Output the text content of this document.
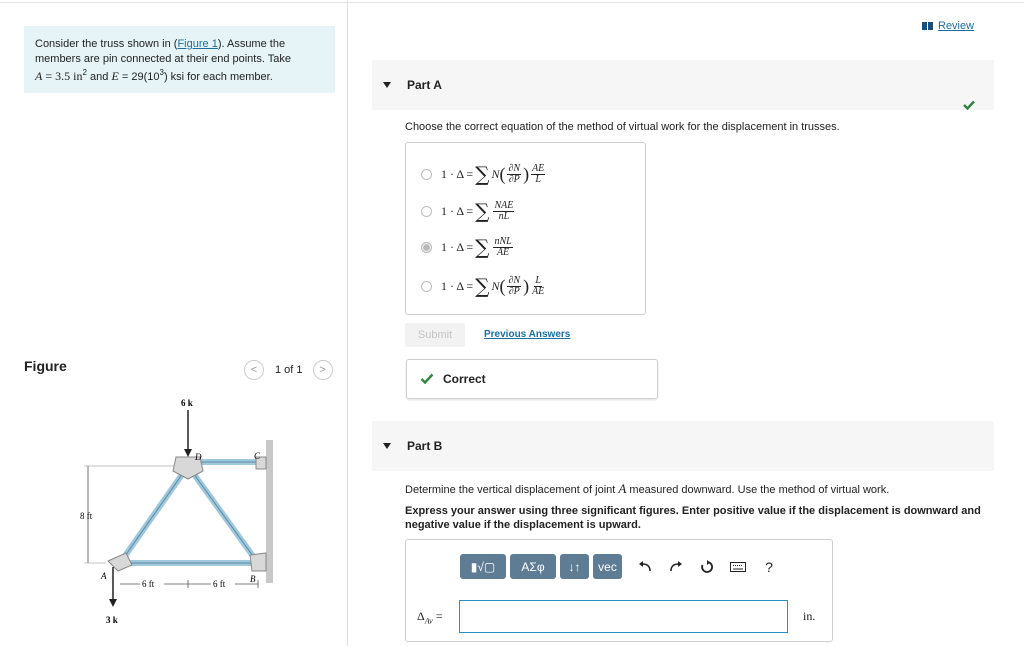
Consider the truss shown in (Figure 1). Assume the members are pin connected at their end points. Take
A = 3.5 $in^2$ and $E = 29(10^3)$ ksi for each member.
Figure	<	1 of 1	>
6 k
3 k
D	C
A	B
8 ft
6 ft	6 ft
Review
Part A
Choose the correct equation of the method of virtual work for the displacement in trusses.
1 · Δ = ∑ N ( $\frac{\partial N}{\partial P}$ ) $\frac{AE}{L}$
1 · Δ = ∑ $\frac{\text{NAE}}{nL}$
1 · Δ = ∑ $\frac{\text{nNL}}{AE}$
1 · Δ = ∑ N ( $\frac{\partial N}{\partial P}$ ) $\frac{L}{AE}$
Submit	Previous Answers
Correct
Part B
Determine the vertical displacement of joint A measured downward. Use the method of virtual work.
Express your answer using three significant figures. Enter positive value if the displacement is downward and negative value if the displacement is upward.
▮√▢	ΑΣφ	↓↑	vec	?
$\Delta_{Av}$ =	in.
